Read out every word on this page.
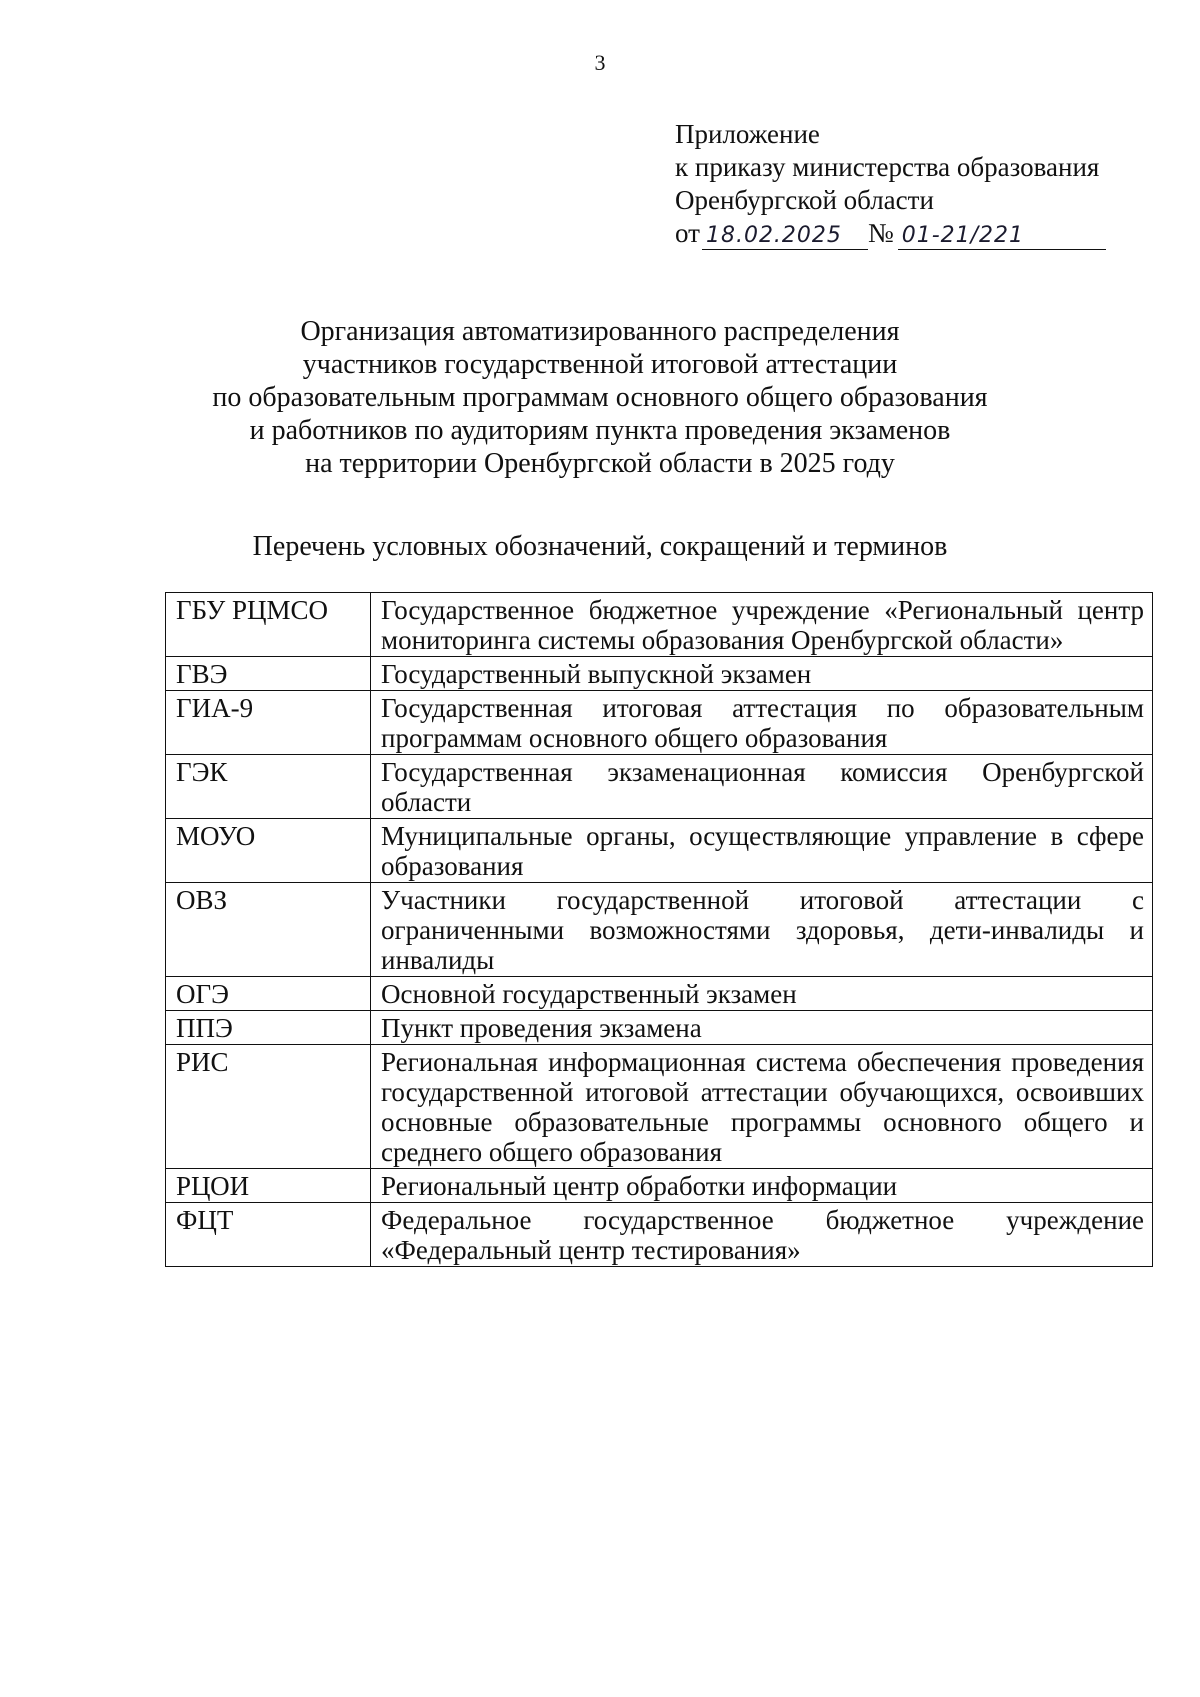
3
Приложение
к приказу министерства образования
Оренбургской области
от 18.02.2025 № 01-21/221
Организация автоматизированного распределения
участников государственной итоговой аттестации
по образовательным программам основного общего образования
и работников по аудиториям пункта проведения экзаменов
на территории Оренбургской области в 2025 году
Перечень условных обозначений, сокращений и терминов
ГБУ РЦМСО	Государственное бюджетное учреждение «Региональный центр мониторинга системы образования Оренбургской области»
ГВЭ	Государственный выпускной экзамен
ГИА-9	Государственная итоговая аттестация по образовательным программам основного общего образования
ГЭК	Государственная экзаменационная комиссия Оренбургской области
МОУО	Муниципальные органы, осуществляющие управление в сфере образования
ОВЗ	Участники государственной итоговой аттестации с ограниченными возможностями здоровья, дети-инвалиды и инвалиды
ОГЭ	Основной государственный экзамен
ППЭ	Пункт проведения экзамена
РИС	Региональная информационная система обеспечения проведения государственной итоговой аттестации обучающихся, освоивших основные образовательные программы основного общего и среднего общего образования
РЦОИ	Региональный центр обработки информации
ФЦТ	Федеральное государственное бюджетное учреждение «Федеральный центр тестирования»
